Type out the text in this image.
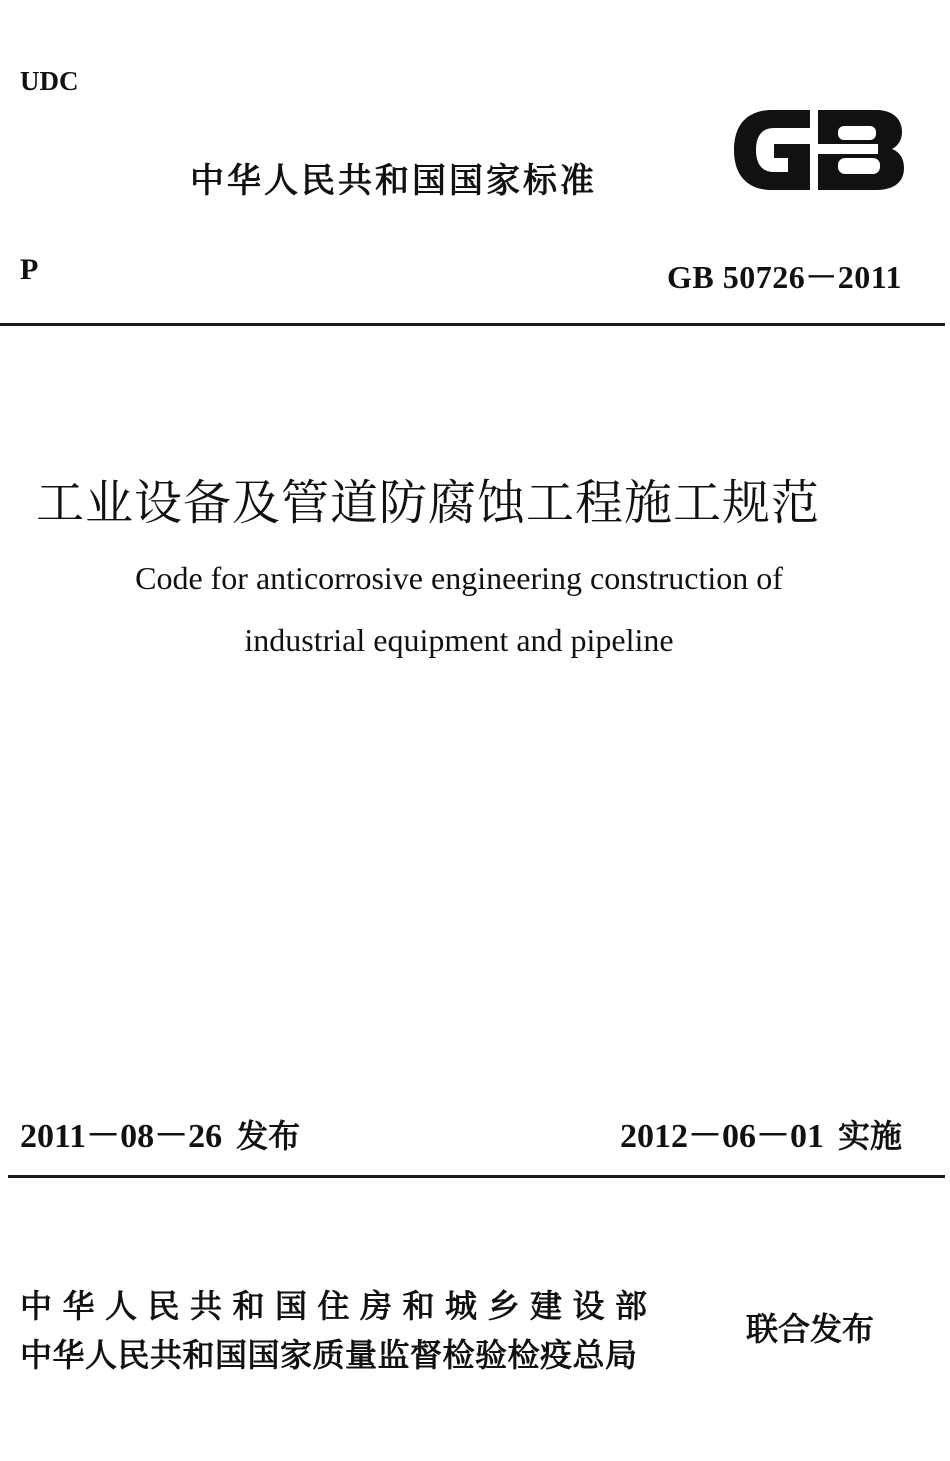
UDC
中华人民共和国国家标准
P	GB 50726－2011
工业设备及管道防腐蚀工程施工规范
Code for anticorrosive engineering construction of
industrial equipment and pipeline
2011－08－26 发布	2012－06－01 实施
中华人民共和国住房和城乡建设部
中华人民共和国国家质量监督检验检疫总局
联合发布
